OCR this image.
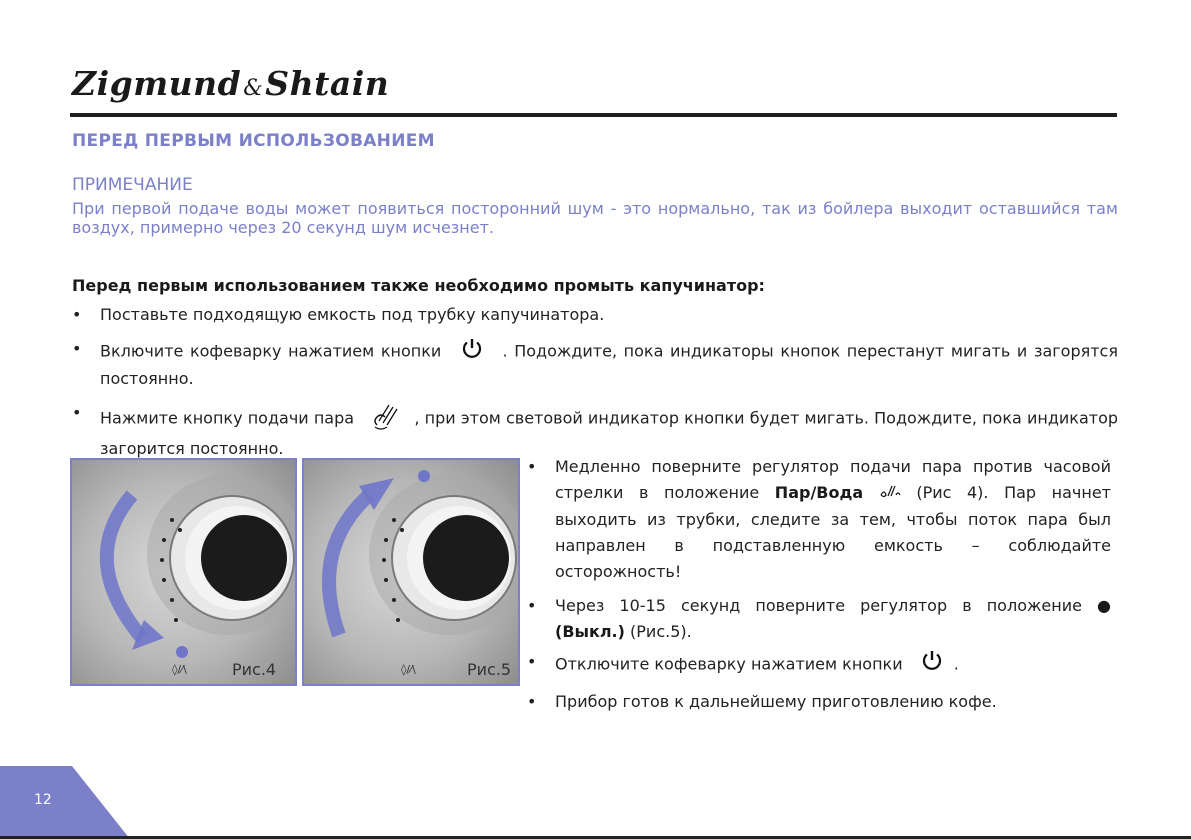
Zigmund&Shtain
ПЕРЕД ПЕРВЫМ ИСПОЛЬЗОВАНИЕМ
ПРИМЕЧАНИЕ
При первой подаче воды может появиться посторонний шум - это нормально, так из бойлера выходит оставшийся там воздух, примерно через 20 секунд шум исчезнет.
Перед первым использованием также необходимо промыть капучинатор:
• Поставьте подходящую емкость под трубку капучинатора.
• Включите кофеварку нажатием кнопки	. Подождите, пока индикаторы кнопок перестанут мигать и загорятся постоянно.
• Нажмите кнопку подачи пара	, при этом световой индикатор кнопки будет мигать. Подождите, пока индикатор загорится постоянно.
◊/⁄\	Рис.4	◊/⁄\	Рис.5
• Медленно поверните регулятор подачи пара против часовой стрелки в положение Пар/Вода  (Рис 4). Пар начнет выходить из трубки, следите за тем, чтобы поток пара был направлен в подставленную емкость – соблюдайте осторожность!
• Через 10-15 секунд поверните регулятор в положение ● (Выкл.) (Рис.5).
• Отключите кофеварку нажатием кнопки	.
• Прибор готов к дальнейшему приготовлению кофе.
12
